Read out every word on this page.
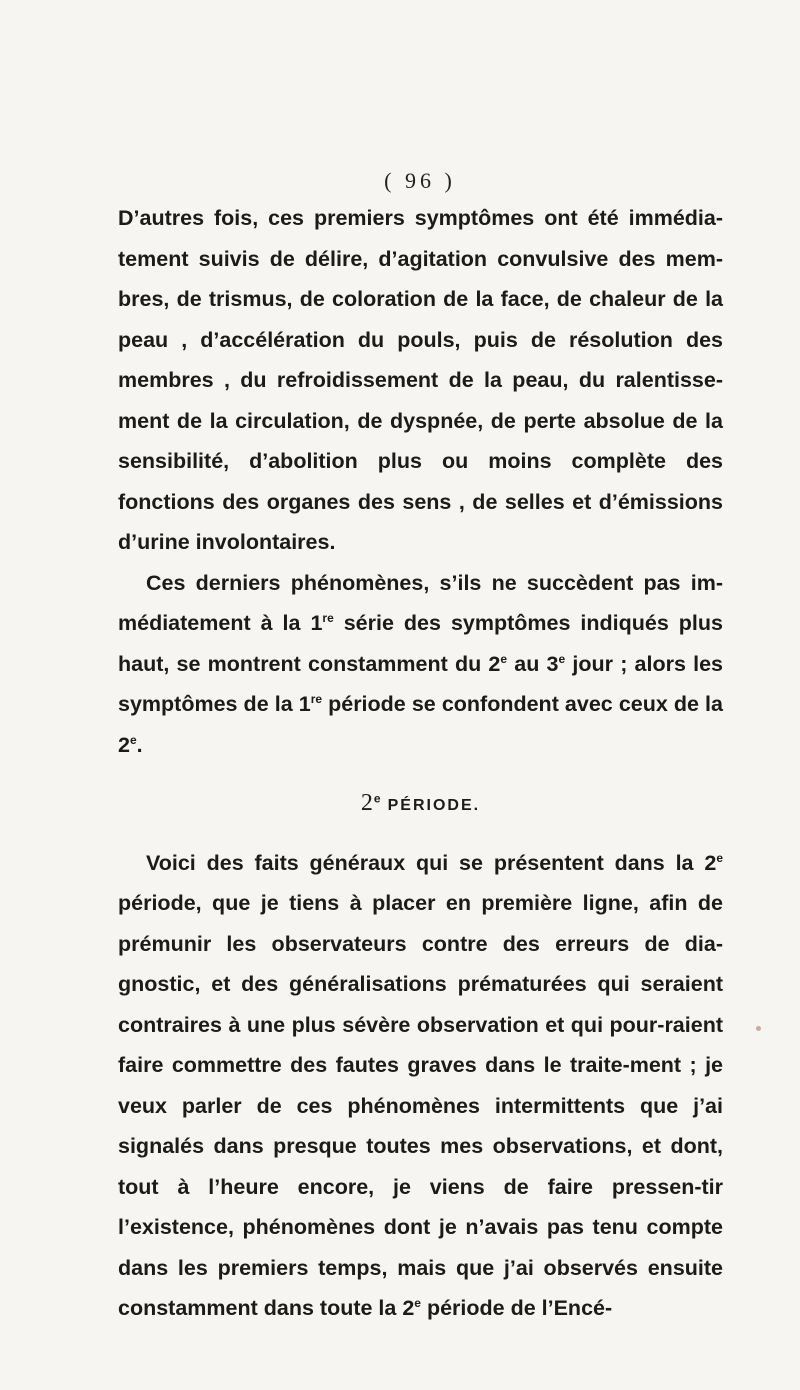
( 96 )

D’autres fois, ces premiers symptômes ont été immédia-tement suivis de délire, d’agitation convulsive des mem-bres, de trismus, de coloration de la face, de chaleur de la peau , d’accélération du pouls, puis de résolution des membres , du refroidissement de la peau, du ralentisse-ment de la circulation, de dyspnée, de perte absolue de la sensibilité, d’abolition plus ou moins complète des fonctions des organes des sens , de selles et d’émissions d’urine involontaires.

Ces derniers phénomènes, s’ils ne succèdent pas im-médiatement à la 1re série des symptômes indiqués plus haut, se montrent constamment du 2e au 3e jour ; alors les symptômes de la 1re période se confondent avec ceux de la 2e.

2e PÉRIODE.

Voici des faits généraux qui se présentent dans la 2e période, que je tiens à placer en première ligne, afin de prémunir les observateurs contre des erreurs de dia-gnostic, et des généralisations prématurées qui seraient contraires à une plus sévère observation et qui pour-raient faire commettre des fautes graves dans le traite-ment ; je veux parler de ces phénomènes intermittents que j’ai signalés dans presque toutes mes observations, et dont, tout à l’heure encore, je viens de faire pressen-tir l’existence, phénomènes dont je n’avais pas tenu compte dans les premiers temps, mais que j’ai observés ensuite constamment dans toute la 2e période de l’Encé-
